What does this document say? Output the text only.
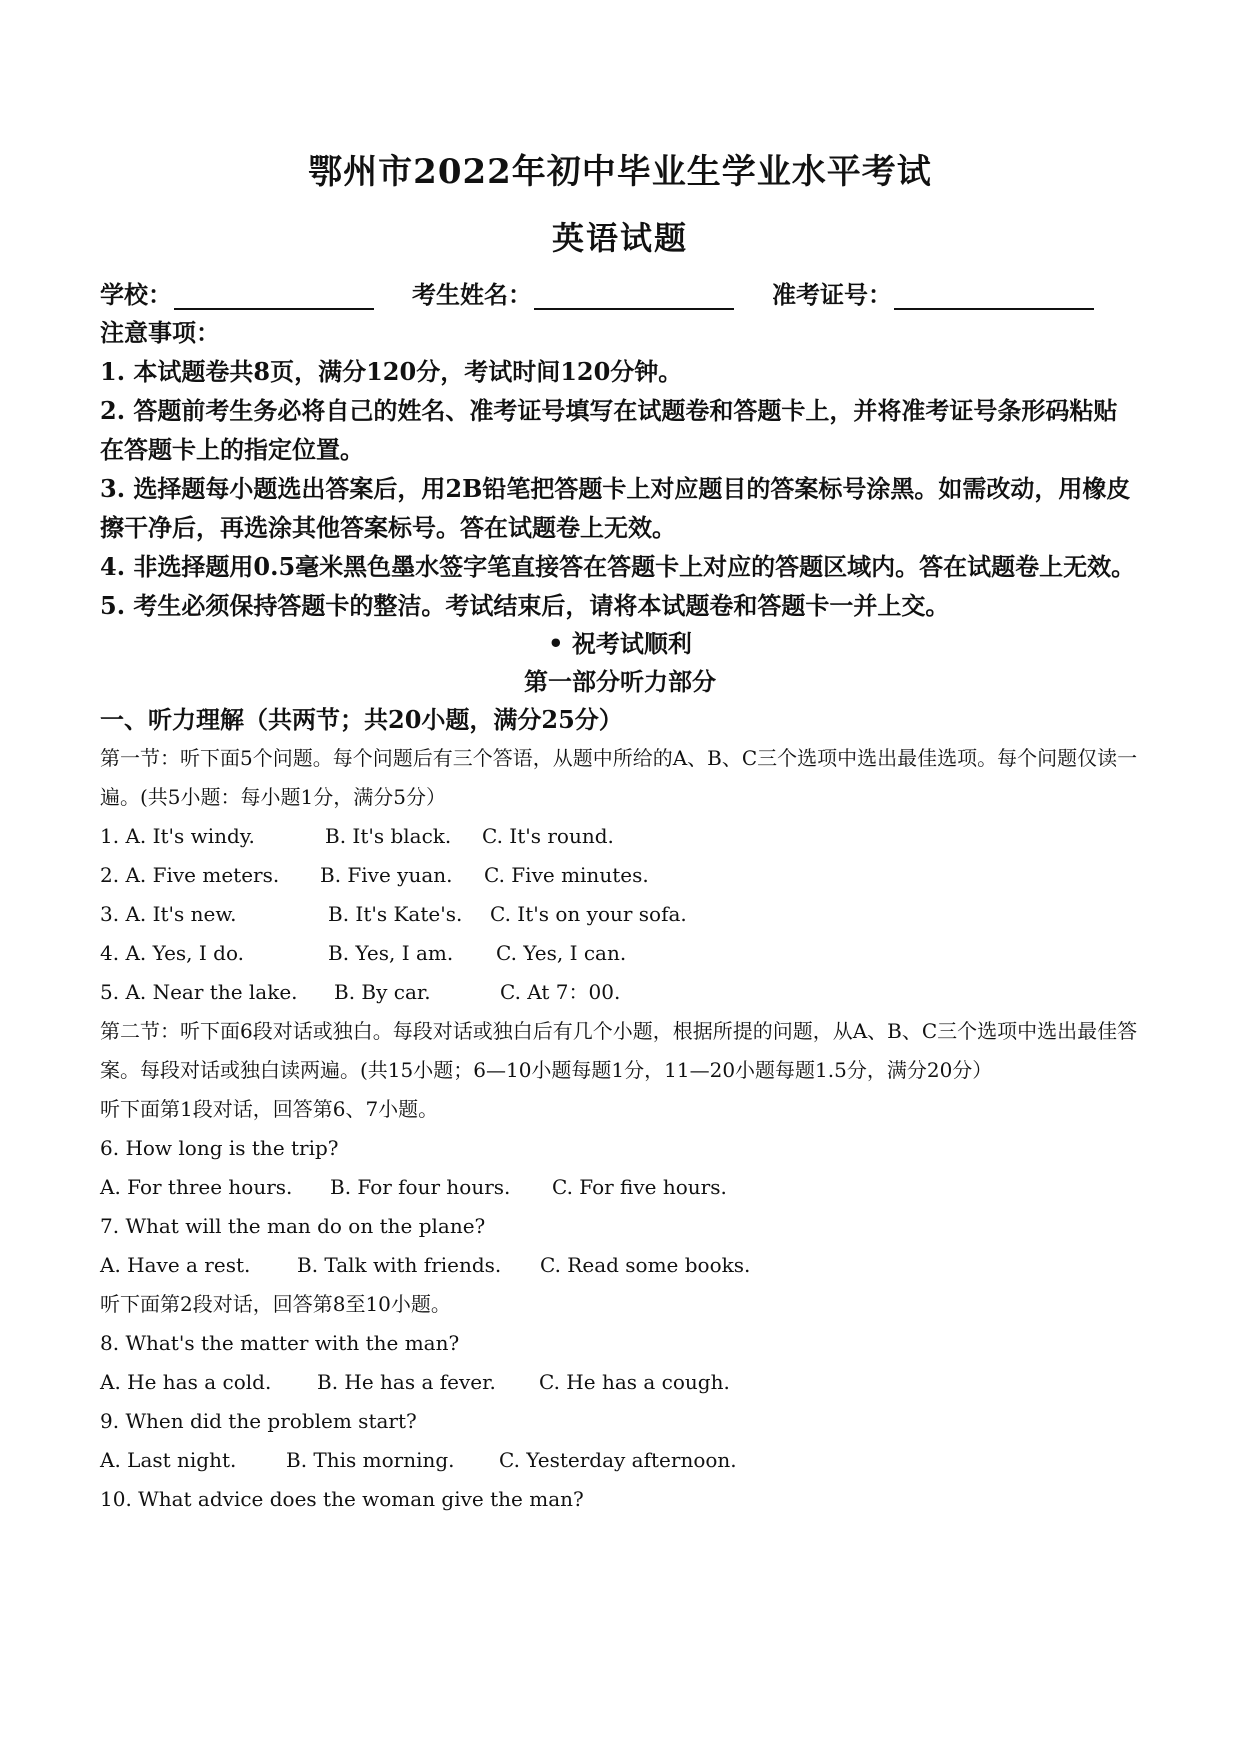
鄂州市2022年初中毕业生学业水平考试
英语试题
学校：	考生姓名：	准考证号：
注意事项：
1. 本试题卷共8页，满分120分，考试时间120分钟。
2. 答题前考生务必将自己的姓名、准考证号填写在试题卷和答题卡上，并将准考证号条形码粘贴在答题卡上的指定位置。
3. 选择题每小题选出答案后，用2B铅笔把答题卡上对应题目的答案标号涂黑。如需改动，用橡皮擦干净后，再选涂其他答案标号。答在试题卷上无效。
4. 非选择题用0.5毫米黑色墨水签字笔直接答在答题卡上对应的答题区域内。答在试题卷上无效。
5. 考生必须保持答题卡的整洁。考试结束后，请将本试题卷和答题卡一并上交。
• 祝考试顺利
第一部分听力部分
一、听力理解（共两节；共20小题，满分25分）
第一节：听下面5个问题。每个问题后有三个答语，从题中所给的A、B、C三个选项中选出最佳选项。每个问题仅读一遍。(共5小题：每小题1分，满分5分）
1. A. It's windy.	B. It's black.	C. It's round.
2. A. Five meters.	B. Five yuan.	C. Five minutes.
3. A. It's new.	B. It's Kate's.	C. It's on your sofa.
4. A. Yes, I do.	B. Yes, I am.	C. Yes, I can.
5. A. Near the lake.	B. By car.	C. At 7：00.
第二节：听下面6段对话或独白。每段对话或独白后有几个小题，根据所提的问题，从A、B、C三个选项中选出最佳答案。每段对话或独白读两遍。(共15小题；6—10小题每题1分，11—20小题每题1.5分，满分20分）
听下面第1段对话，回答第6、7小题。
6. How long is the trip?
A. For three hours.	B. For four hours.	C. For five hours.
7. What will the man do on the plane?
A. Have a rest.	B. Talk with friends.	C. Read some books.
听下面第2段对话，回答第8至10小题。
8. What's the matter with the man?
A. He has a cold.	B. He has a fever.	C. He has a cough.
9. When did the problem start?
A. Last night.	B. This morning.	C. Yesterday afternoon.
10. What advice does the woman give the man?
